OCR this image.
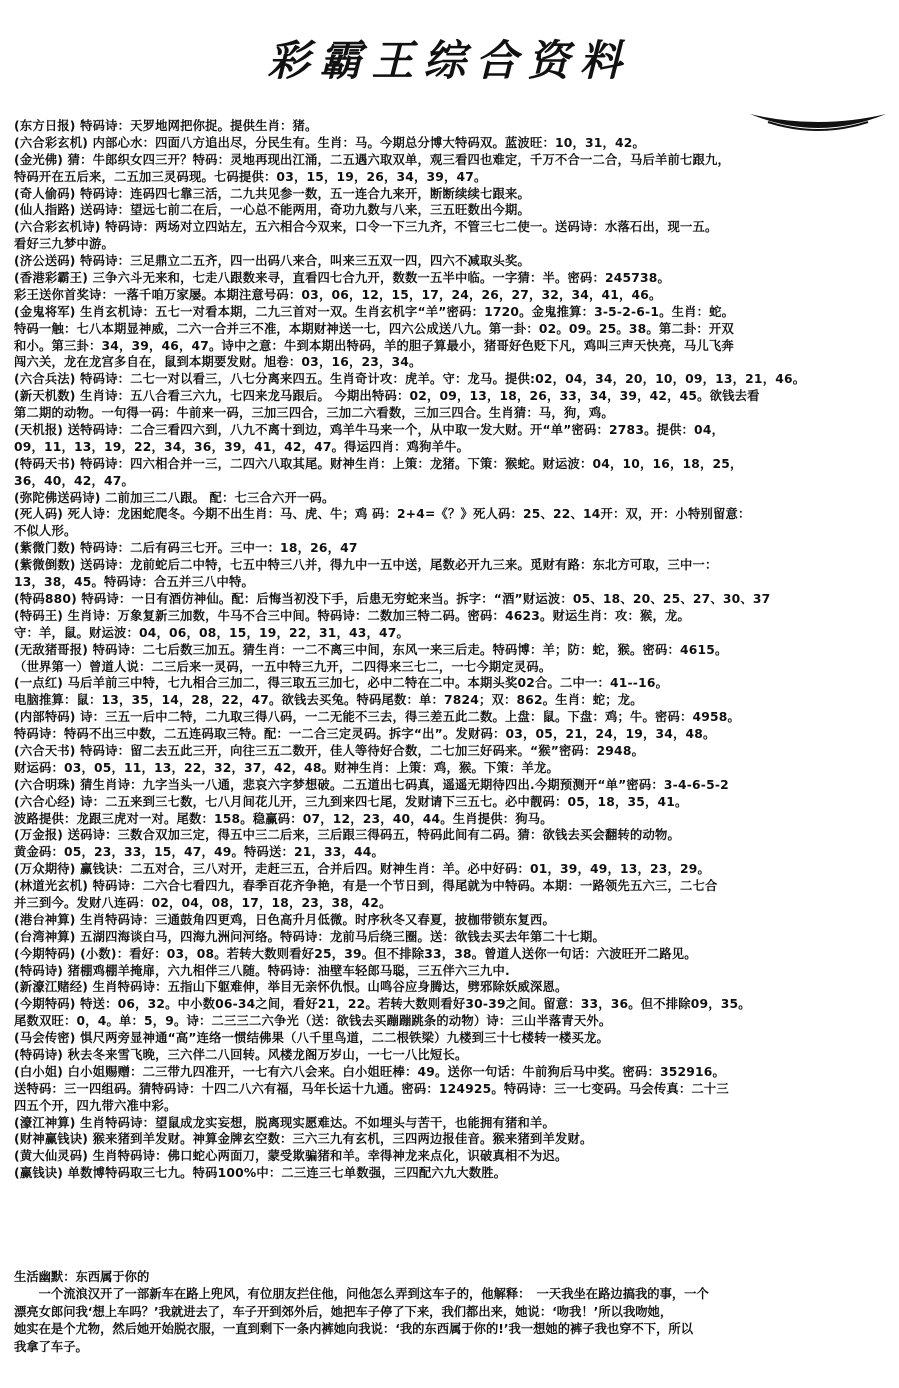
彩霸王综合资料
(东方日报) 特码诗：天罗地网把你捉。提供生肖：猪。
(六合彩玄机) 内部心水：四面八方追出尽，分民生有。生肖：马。今期总分博大特码双。蓝波旺：10，31，42。
(金光佛) 猜：牛郎织女四三开？特码：灵地再现出江涌，二五遇六取双单，观三看四也难定，千万不合一二合，马后羊前七跟九，
特码开在五后来，二五加三灵码现。七码提供：03，15，19，26，34，39，47。
(奇人偷码) 特码诗：连码四七靠三活，二九共见参一数，五一连合九来开，断断续续七跟来。
(仙人指路) 送码诗：望远七前二在后，一心总不能两用，奇功九数与八来，三五旺数出今期。
(六合彩玄机诗) 特码诗：两场对立四站左，五六相合今双来，口令一下三九齐，不管三七二使一。送码诗：水落石出，现一五。
看好三九梦中游。
(济公送码) 特码诗：三足鼎立二五齐，四一出码八来合，叫来三五双一四，四六不减取头奖。
(香港彩霸王) 三争六斗无来和，七走八跟数来寻，直看四七合九开，数数一五半中临。一字猜：半。密码：245738。
彩王送你首奖诗：一落千咱万家屡。本期注意号码：03，06，12，15，17，24，26，27，32，34，41，46。
(金鬼将军) 生肖玄机诗：五七一对看本期，二九三首对一双。生肖玄机字“羊”密码：1720。金鬼推算：3-5-2-6-1。生肖：蛇。
特码一触：七八本期显神威，二六一合并三不准，本期财神送一七，四六公成送八九。第一卦：02。09。25。38。第二卦：开双
和小。第三卦：34，39，46，47。诗中之意：牛到本期出特码，羊的胆子算最小，猪哥好色贬下凡，鸡叫三声天快亮，马儿飞奔
闯六关，龙在龙宫多自在，鼠到本期要发财。旭卷：03，16，23，34。
(六合兵法) 特码诗：二七一对以看三，八七分离来四五。生肖奇计攻：虎羊。守：龙马。提供:02，04，34，20，10，09，13，21，46。
(新天机数) 生肖诗：五八合看三六九，七四来龙马跟后。 今期出特码：02，09，13，18，26，33，34，39，42，45。欲钱去看
第二期的动物。一句得一码：牛前来一码，三加三四合，三加二六看数，三加三四合。生肖猜：马，狗，鸡。
(天机报) 送特码诗：二合三看四六到，八九不离十到边，鸡羊牛马来一个，从中取一发大财。开“单”密码：2783。提供：04，
09，11，13，19，22，34，36，39，41，42，47。得运四肖：鸡狗羊牛。
(特码天书) 特码诗：四六相合并一三，二四六八取其尾。财神生肖：上策：龙猪。下策：猴蛇。财运波：04，10，16，18，25，
36，40，42，47。
(弥陀佛送码诗) 二前加三二八跟。 配：七三合六开一码。
(死人码) 死人诗：龙困蛇爬冬。今期不出生肖：马、虎、牛；鸡 码：2+4=《？》死人码：25、22、14开：双，开：小特别留意：
不似人形。
(紫微门数) 特码诗：二后有码三七开。三中一：18，26，47
(紫微倒数) 送码诗：龙前蛇后二中特，七五中特三八并，得九中一五中送，尾数必开九三来。觅财有路：东北方可取，三中一：
13，38，45。特码诗：合五并三八中特。
(特码880) 特码诗：一日有酒仿神仙。配：后悔当初没下手，后患无穷蛇来当。拆字：“酒”财运波：05、18、20、25、27、30、37
(特码王) 生肖诗：万象复新三加数，牛马不合三中间。特码诗：二数加三特二码。密码：4623。财运生肖：攻：猴，龙。
守：羊，鼠。财运波：04，06，08，15，19，22，31，43，47。
(无敌猪哥报) 特码诗：二七后数三加五。猜生肖：一二不离三中间，东风一来三后走。特码博：羊；防：蛇，猴。密码：4615。
（世界第一）曾道人说：二三后来一灵码，一五中特三九开，二四得来三七二，一七今期定灵码。
(一点红) 马后羊前三中特，七九相合三加二，得三取五三加七，必中二特在二中。本期头奖02合。二中一：41--16。
电脑推算：鼠：13，35，14，28，22，47。欲钱去买兔。特码尾数：单：7824；双：862。生肖：蛇；龙。
(内部特码) 诗：三五一后中二特，二九取三得八码，一二无能不三去，得三差五此二数。上盘：鼠。下盘：鸡；牛。密码：4958。
特码诗：特码不出三中数，二五连码取三特。配：一二合三定灵码。拆字“出”。发财码：03，05，21，24，19，34，48。
(六合天书) 特码诗：留二去五此三开，向往三五二数开，佳人等待好合数，二七加三好码来。“猴”密码：2948。
财运码：03，05，11，13，22，32，37，42，48。财神生肖：上策：鸡，猴。下策：羊龙。
(六合明珠) 猜生肖诗：九字当头一八通，悲哀六字梦想破。二五道出七码真，遥遥无期待四出.今期预测开“单”密码：3-4-6-5-2
(六合心经) 诗：二五来到三七数，七八月间花儿开，三九到来四七尾，发财请下三五七。必中靓码：05，18，35，41。
波路提供：龙跟三虎对一对。尾数：158。稳赢码：07，12，23，40，44。生肖提供：狗马。
(万金报) 送码诗：三数合双加三定，得五中三二后来，三后跟三得码五，特码此间有二码。猜：欲钱去买会翻转的动物。
黄金码：05，23，33，15，47，49。特码送：21，33，44。
(万众期待) 赢钱诀：二五对合，三八对开，走赶三五，合并后四。财神生肖：羊。必中好码：01，39，49，13，23，29。
(林道光玄机) 特码诗：二六合七看四九，春季百花齐争艳，有是一个节日到，得尾就为中特码。本期：一路领先五六三，二七合
并三到今。发财八连码：02，04，08，17，18，23，38，42。
(港台神算) 生肖特码诗：三通鼓角四更鸡，日色高升月低微。时序秋冬又春夏，披枷带锁东复西。
(台湾神算) 五湖四海谈白马，四海九洲问河络。特码诗：龙前马后绕三圈。送：欲钱去买去年第二十七期。
(今期特码) (小数)：看好：03，08。若转大数则看好25，39。但不排除33，38。曾道人送你一句话：六波旺开二路见。
(特码诗) 猪棚鸡棚羊掩扉，六九相伴三八随。特码诗：油壁车轻郎马聪，三五伴六三九中.
(新濠江赌经) 生肖特码诗：五指山下躯难伸，举目无亲怀仇恨。山鸣谷应身腾达，劈邪除妖威深恩。
(今期特码) 特送：06，32。中小数06-34之间，看好21，22。若转大数则看好30-39之间。留意：33，36。但不排除09，35。
尾数双旺：0，4。单：5，9。诗：二三三二六争光（送：欲钱去买蹦蹦跳条的动物）诗：三山半落青天外。
(马会传密) 惧尺两旁显神通“高”连络一惯结佛果（八千里鸟道，二二根铁梁）九楼到三十七楼转一楼买龙。
(特码诗) 秋去冬来雪飞晚，三六伴二八回转。风楼龙阁万岁山，一七一八比短长。
(白小姐) 白小姐赐赠：二三带九四准开，一七有六八会来。白小姐旺棒：49。送你一句话：牛前狗后马中奖。密码：352916。
送特码：三一四组码。猜特码诗：十四二八六有福，马年长运十九通。密码：124925。特码诗：三一七变码。马会传真：二十三
四五个开，四九带六准中彩。
(濠江神算) 生肖特码诗：望鼠成龙实妄想，脱离现实愿难达。不如埋头与苦干，也能拥有猪和羊。
(财神赢钱诀) 猴来猪到羊发财。神算金牌玄空数：三六三九有玄机，三四两边报佳音。猴来猪到羊发财。
(黄大仙灵码) 生肖特码诗：佛口蛇心两面刀，蒙受欺骗猪和羊。幸得神龙来点化，识破真相不为迟。
(赢钱诀) 单数博特码取三七九。特码100%中：二三连三七单数强，三四配六九大数胜。
生活幽默：东西属于你的
　　一个流浪汉开了一部新车在路上兜风，有位朋友拦住他，问他怎么弄到这车子的，他解释：　一天我坐在路边搞我的事，一个
漂亮女郎问我‘想上车吗？’我就进去了，车子开到郊外后，她把车子停了下来，我们都出来，她说：‘吻我！’所以我吻她，
她实在是个尤物，然后她开始脱衣服，一直到剩下一条内裤她向我说：‘我的东西属于你的!’我一想她的裤子我也穿不下，所以
我拿了车子。
